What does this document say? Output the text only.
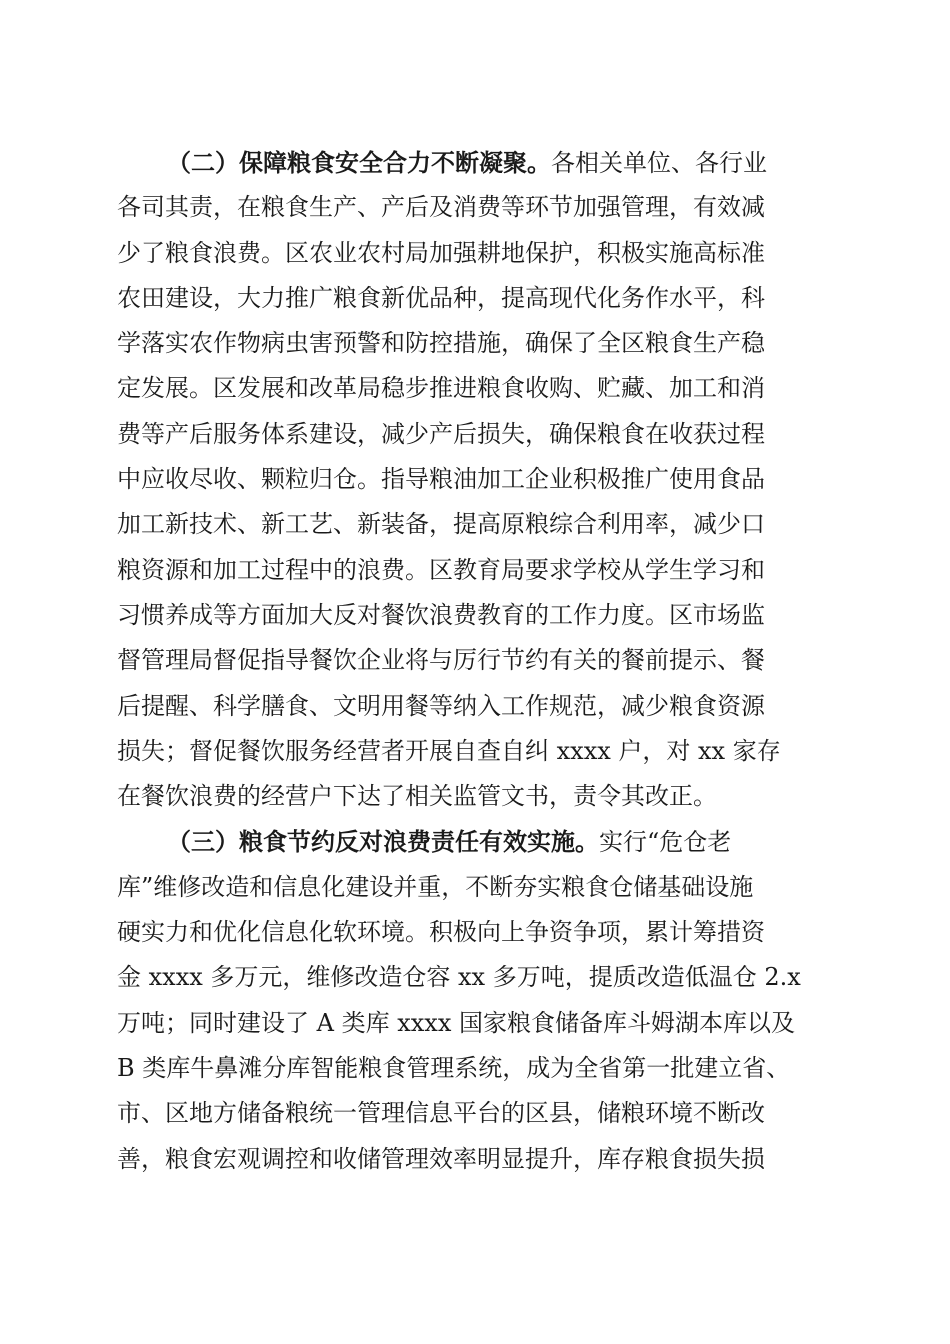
（二）保障粮食安全合力不断凝聚。各相关单位、各行业
各司其责，在粮食生产、产后及消费等环节加强管理，有效减
少了粮食浪费。区农业农村局加强耕地保护，积极实施高标准
农田建设，大力推广粮食新优品种，提高现代化务作水平，科
学落实农作物病虫害预警和防控措施，确保了全区粮食生产稳
定发展。区发展和改革局稳步推进粮食收购、贮藏、加工和消
费等产后服务体系建设，减少产后损失，确保粮食在收获过程
中应收尽收、颗粒归仓。指导粮油加工企业积极推广使用食品
加工新技术、新工艺、新装备，提高原粮综合利用率，减少口
粮资源和加工过程中的浪费。区教育局要求学校从学生学习和
习惯养成等方面加大反对餐饮浪费教育的工作力度。区市场监
督管理局督促指导餐饮企业将与厉行节约有关的餐前提示、餐
后提醒、科学膳食、文明用餐等纳入工作规范，减少粮食资源
损失；督促餐饮服务经营者开展自查自纠 xxxx 户，对 xx 家存
在餐饮浪费的经营户下达了相关监管文书，责令其改正。
（三）粮食节约反对浪费责任有效实施。实行“危仓老
库”维修改造和信息化建设并重，不断夯实粮食仓储基础设施
硬实力和优化信息化软环境。积极向上争资争项，累计筹措资
金 xxxx 多万元，维修改造仓容 xx 多万吨，提质改造低温仓 2.x
万吨；同时建设了 A 类库 xxxx 国家粮食储备库斗姆湖本库以及
B 类库牛鼻滩分库智能粮食管理系统，成为全省第一批建立省、
市、区地方储备粮统一管理信息平台的区县，储粮环境不断改
善，粮食宏观调控和收储管理效率明显提升，库存粮食损失损
